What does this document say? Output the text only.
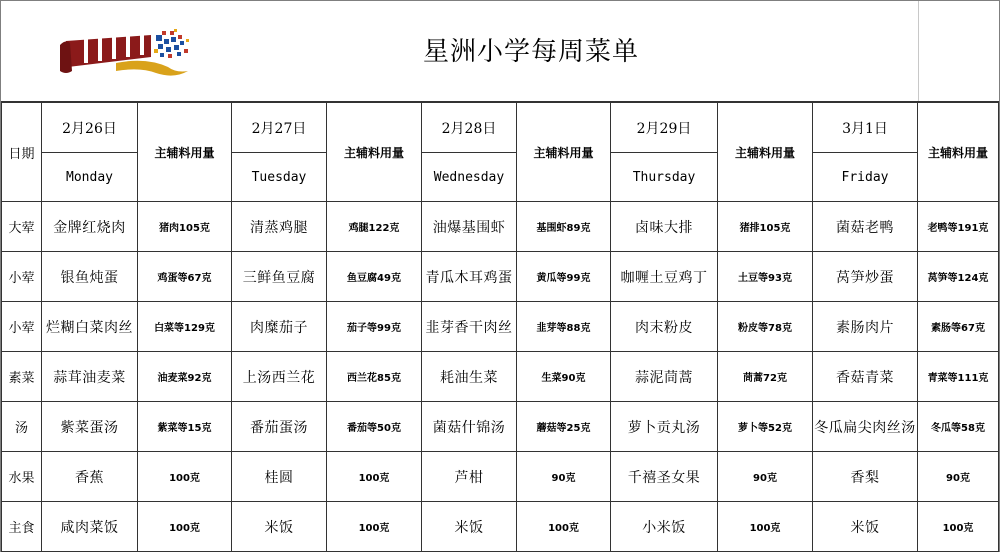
星洲小学每周菜单
日期	2月26日	主辅料用量	2月27日	主辅料用量	2月28日	主辅料用量	2月29日	主辅料用量	3月1日	主辅料用量
	Monday		Tuesday		Wednesday		Thursday		Friday	
大荤	金牌红烧肉	猪肉105克	清蒸鸡腿	鸡腿122克	油爆基围虾	基围虾89克	卤味大排	猪排105克	菌菇老鸭	老鸭等191克
小荤	银鱼炖蛋	鸡蛋等67克	三鲜鱼豆腐	鱼豆腐49克	青瓜木耳鸡蛋	黄瓜等99克	咖喱土豆鸡丁	土豆等93克	莴笋炒蛋	莴笋等124克
小荤	烂糊白菜肉丝	白菜等129克	肉糜茄子	茄子等99克	韭芽香干肉丝	韭芽等88克	肉末粉皮	粉皮等78克	素肠肉片	素肠等67克
素菜	蒜茸油麦菜	油麦菜92克	上汤西兰花	西兰花85克	耗油生菜	生菜90克	蒜泥茼蒿	茼蒿72克	香菇青菜	青菜等111克
汤	紫菜蛋汤	紫菜等15克	番茄蛋汤	番茄等50克	菌菇什锦汤	蘑菇等25克	萝卜贡丸汤	萝卜等52克	冬瓜扁尖肉丝汤	冬瓜等58克
水果	香蕉	100克	桂圆	100克	芦柑	90克	千禧圣女果	90克	香梨	90克
主食	咸肉菜饭	100克	米饭	100克	米饭	100克	小米饭	100克	米饭	100克
